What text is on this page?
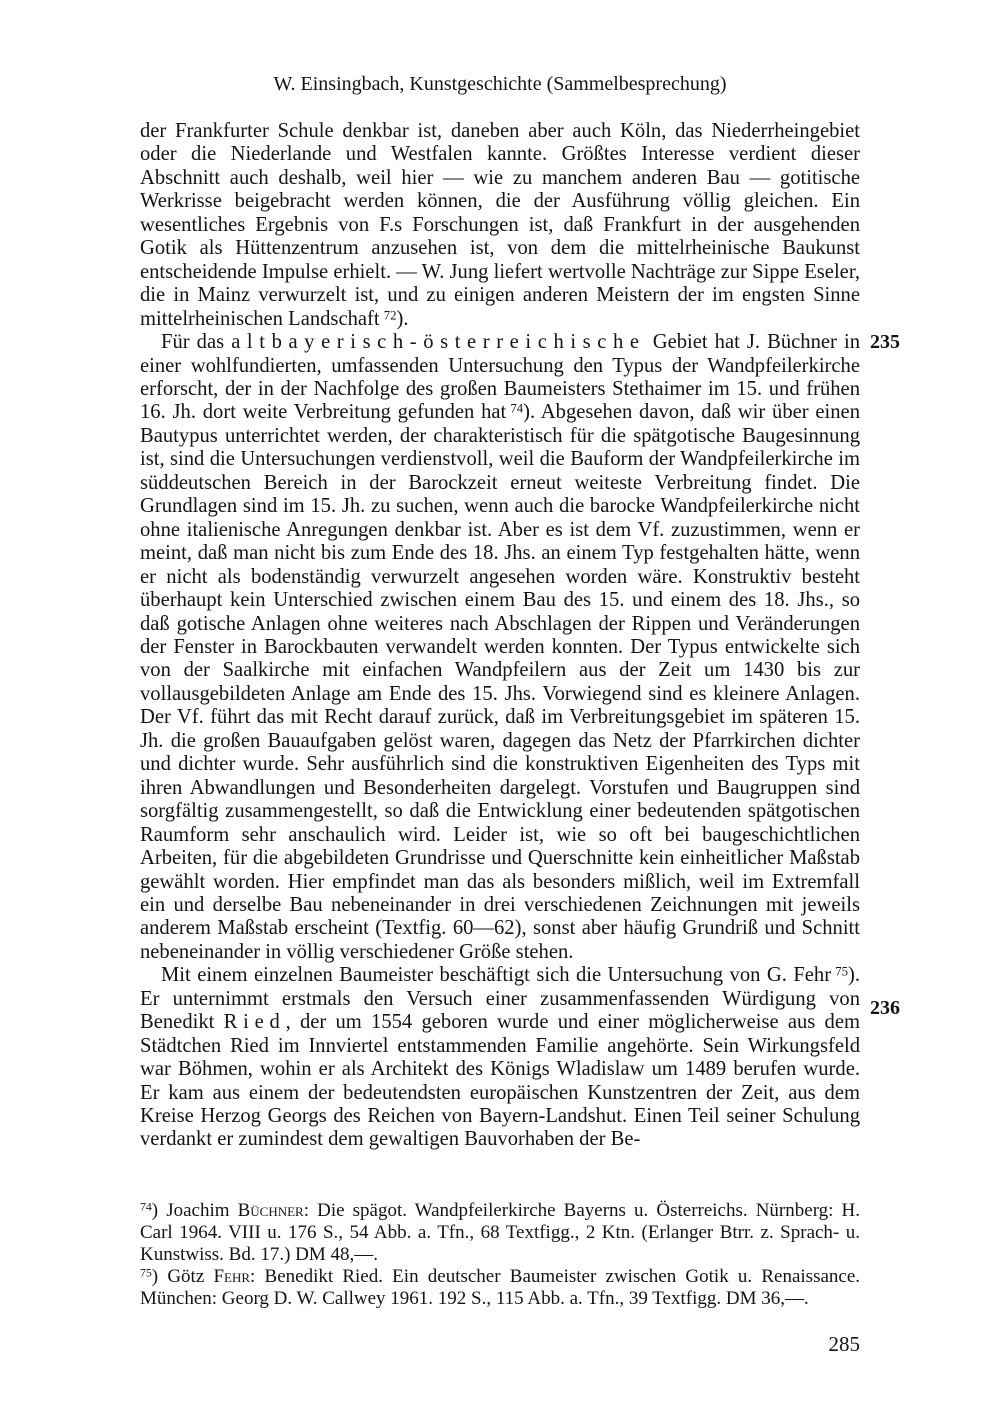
W. Einsingbach, Kunstgeschichte (Sammelbesprechung)

der Frankfurter Schule denkbar ist, daneben aber auch Köln, das Niederrheingebiet oder die Niederlande und Westfalen kannte. Größtes Interesse verdient dieser Abschnitt auch deshalb, weil hier — wie zu manchem anderen Bau — gotitische Werkrisse beigebracht werden können, die der Ausführung völlig gleichen. Ein wesentliches Ergebnis von F.s Forschungen ist, daß Frankfurt in der ausgehenden Gotik als Hüttenzentrum anzusehen ist, von dem die mittelrheinische Baukunst entscheidende Impulse erhielt. — W. Jung liefert wertvolle Nachträge zur Sippe Eseler, die in Mainz verwurzelt ist, und zu einigen anderen Meistern der im engsten Sinne mittelrheinischen Landschaft  $^{72}$).

Für das altbayerisch-österreichische Gebiet hat J. Büchner in einer wohlfundierten, umfassenden Untersuchung den Typus der Wandpfeilerkirche erforscht, der in der Nachfolge des großen Baumeisters Stethaimer im 15. und frühen 16. Jh. dort weite Verbreitung gefunden hat  $^{74}$). Abgesehen davon, daß wir über einen Bautypus unterrichtet werden, der charakteristisch für die spätgotische Baugesinnung ist, sind die Untersuchungen verdienstvoll, weil die Bauform der Wandpfeilerkirche im süddeutschen Bereich in der Barockzeit erneut weiteste Verbreitung findet. Die Grundlagen sind im 15. Jh. zu suchen, wenn auch die barocke Wandpfeilerkirche nicht ohne italienische Anregungen denkbar ist. Aber es ist dem Vf. zuzustimmen, wenn er meint, daß man nicht bis zum Ende des 18. Jhs. an einem Typ festgehalten hätte, wenn er nicht als bodenständig verwurzelt angesehen worden wäre. Konstruktiv besteht überhaupt kein Unterschied zwischen einem Bau des 15. und einem des 18. Jhs., so daß gotische Anlagen ohne weiteres nach Abschlagen der Rippen und Veränderungen der Fenster in Barockbauten verwandelt werden konnten. Der Typus entwickelte sich von der Saalkirche mit einfachen Wandpfeilern aus der Zeit um 1430 bis zur vollausgebildeten Anlage am Ende des 15. Jhs. Vorwiegend sind es kleinere Anlagen. Der Vf. führt das mit Recht darauf zurück, daß im Verbreitungsgebiet im späteren 15. Jh. die großen Bauaufgaben gelöst waren, dagegen das Netz der Pfarrkirchen dichter und dichter wurde. Sehr ausführlich sind die konstruktiven Eigenheiten des Typs mit ihren Abwandlungen und Besonderheiten dargelegt. Vorstufen und Baugruppen sind sorgfältig zusammengestellt, so daß die Entwicklung einer bedeutenden spätgotischen Raumform sehr anschaulich wird. Leider ist, wie so oft bei baugeschichtlichen Arbeiten, für die abgebildeten Grundrisse und Querschnitte kein einheitlicher Maßstab gewählt worden. Hier empfindet man das als besonders mißlich, weil im Extremfall ein und derselbe Bau nebeneinander in drei verschiedenen Zeichnungen mit jeweils anderem Maßstab erscheint (Textfig. 60—62), sonst aber häufig Grundriß und Schnitt nebeneinander in völlig verschiedener Größe stehen.

Mit einem einzelnen Baumeister beschäftigt sich die Untersuchung von G. Fehr  $^{75}$). Er unternimmt erstmals den Versuch einer zusammenfassenden Würdigung von Benedikt Ried, der um 1554 geboren wurde und einer möglicherweise aus dem Städtchen Ried im Innviertel entstammenden Familie angehörte. Sein Wirkungsfeld war Böhmen, wohin er als Architekt des Königs Wladislaw um 1489 berufen wurde. Er kam aus einem der bedeutendsten europäischen Kunstzentren der Zeit, aus dem Kreise Herzog Georgs des Reichen von Bayern-Landshut. Einen Teil seiner Schulung verdankt er zumindest dem gewaltigen Bauvorhaben der Be-

235
236

$^{74}$) Joachim Büchner: Die spägot. Wandpfeilerkirche Bayerns u. Österreichs. Nürnberg: H. Carl 1964. VIII u. 176 S., 54 Abb. a. Tfn., 68 Textfigg., 2 Ktn. (Erlanger Btrr. z. Sprach- u. Kunstwiss. Bd. 17.) DM 48,—.

$^{75}$) Götz Fehr: Benedikt Ried. Ein deutscher Baumeister zwischen Gotik u. Renaissance. München: Georg D. W. Callwey 1961. 192 S., 115 Abb. a. Tfn., 39 Textfigg. DM 36,—.

285
